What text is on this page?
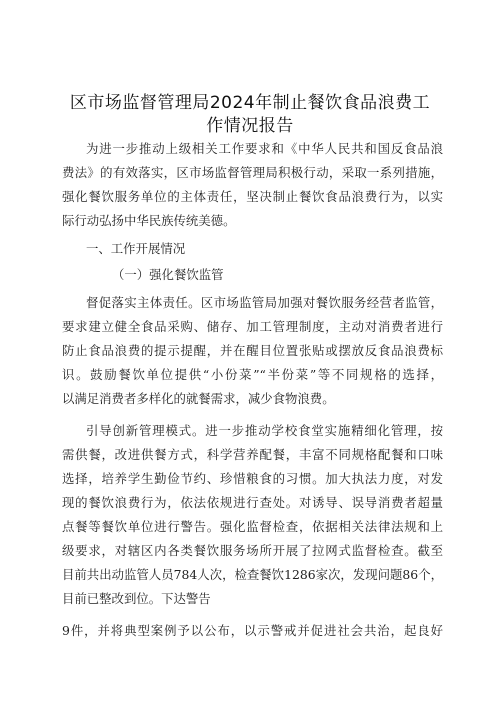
区市场监督管理局2024年制止餐饮食品浪费工
作情况报告
为进一步推动上级相关工作要求和《中华人民共和国反食品浪
费法》的有效落实，区市场监督管理局积极行动，采取一系列措施，
强化餐饮服务单位的主体责任，坚决制止餐饮食品浪费行为，以实
际行动弘扬中华民族传统美德。
一、工作开展情况
（一）强化餐饮监管
督促落实主体责任。区市场监管局加强对餐饮服务经营者监管，
要求建立健全食品采购、储存、加工管理制度，主动对消费者进行
防止食品浪费的提示提醒，并在醒目位置张贴或摆放反食品浪费标
识。鼓励餐饮单位提供“小份菜”“半份菜”等不同规格的选择，
以满足消费者多样化的就餐需求，减少食物浪费。
引导创新管理模式。进一步推动学校食堂实施精细化管理，按
需供餐，改进供餐方式，科学营养配餐，丰富不同规格配餐和口味
选择，培养学生勤俭节约、珍惜粮食的习惯。加大执法力度，对发
现的餐饮浪费行为，依法依规进行查处。对诱导、误导消费者超量
点餐等餐饮单位进行警告。强化监督检查，依据相关法律法规和上
级要求，对辖区内各类餐饮服务场所开展了拉网式监督检查。截至
目前共出动监管人员784人次，检查餐饮1286家次，发现问题86个，
目前已整改到位。下达警告
9件，并将典型案例予以公布，以示警戒并促进社会共治，起良好
